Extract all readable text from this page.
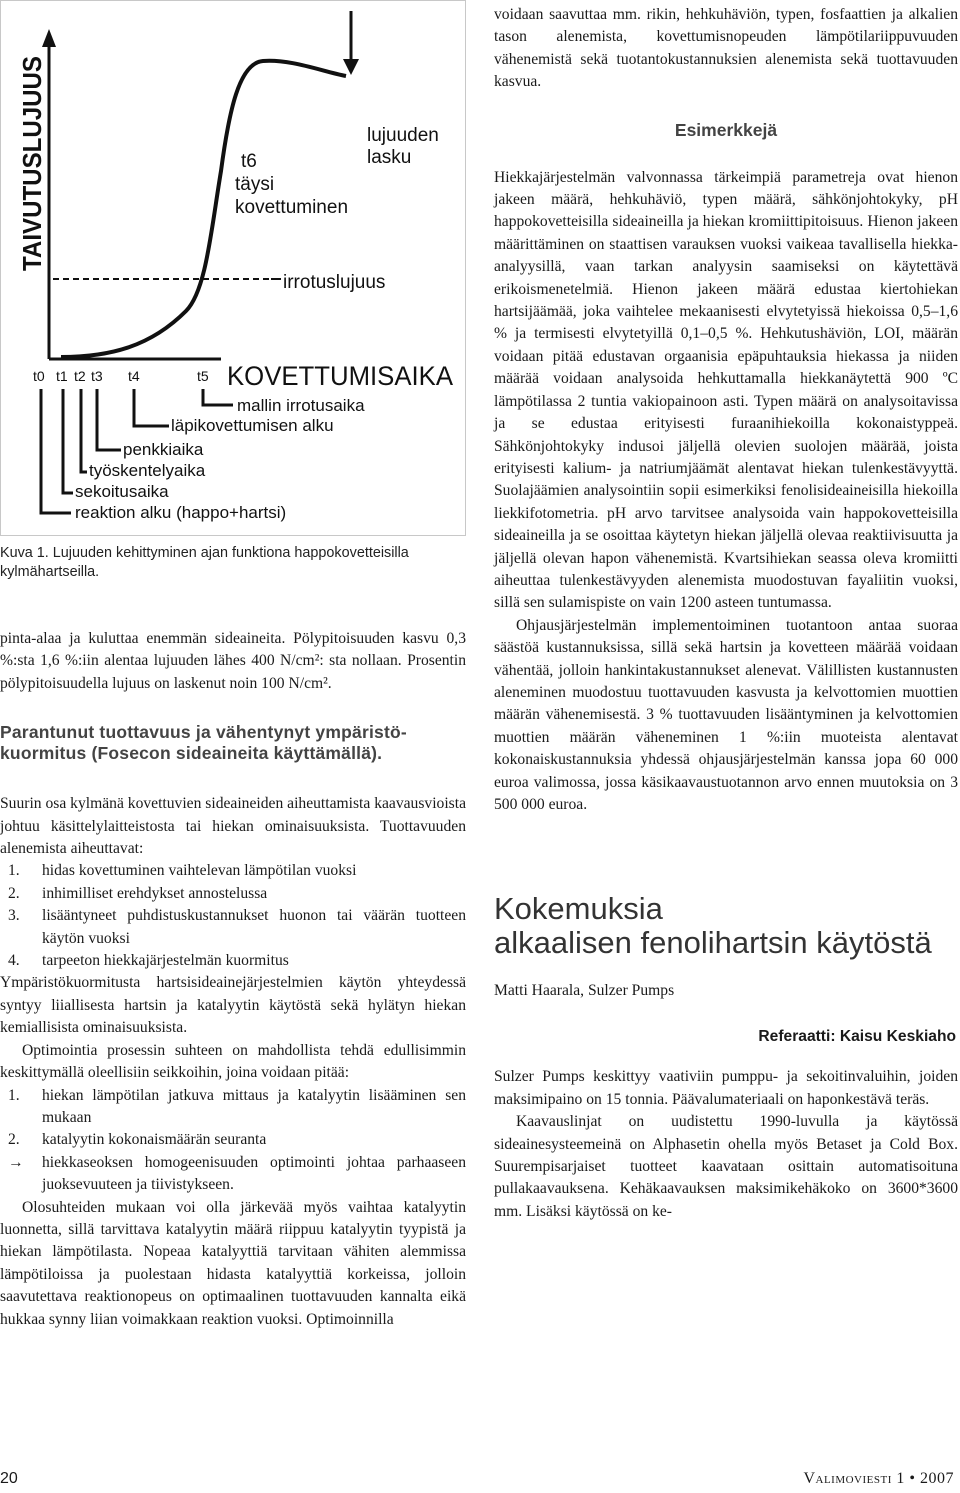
TAIVUTUSLUJUUS
irrotuslujuus
lujuuden
lasku
t6
täysi
kovettuminen
t0 t1 t2 t3 t4	t5 KOVETTUMISAIKA
mallin irrotusaika
läpikovettumisen alku
penkkiaika
työskentelyaika
sekoitusaika
reaktion alku (happo+hartsi)
Kuva 1. Lujuuden kehittyminen ajan funktiona happokovetteisilla kylmähartseilla.

pinta-alaa ja kuluttaa enemmän sideaineita. Pölypitoisuuden kasvu 0,3 %:sta 1,6 %:iin alentaa lujuuden lähes 400 N/cm²: sta nollaan. Prosentin pölypitoisuudella lujuus on laskenut noin 100 N/cm².

Parantunut tuottavuus ja vähentynyt ympäristökuormitus (Fosecon sideaineita käyttämällä).

Suurin osa kylmänä kovettuvien sideaineiden aiheuttamista kaavausvioista johtuu käsittelylaitteistosta tai hiekan ominaisuuksista. Tuottavuuden alenemista aiheuttavat:

1. hidas kovettuminen vaihtelevan lämpötilan vuoksi
2. inhimilliset erehdykset annostelussa
3. lisääntyneet puhdistuskustannukset huonon tai väärän tuotteen käytön vuoksi
4. tarpeeton hiekkajärjestelmän kuormitus

Ympäristökuormitusta hartsisideainejärjestelmien käytön yhteydessä syntyy liiallisesta hartsin ja katalyytin käytöstä sekä hylätyn hiekan kemiallisista ominaisuuksista.

Optimointia prosessin suhteen on mahdollista tehdä edullisimmin keskittymällä oleellisiin seikkoihin, joina voidaan pitää:

1. hiekan lämpötilan jatkuva mittaus ja katalyytin lisääminen sen mukaan
2. katalyytin kokonaismäärän seuranta
→ hiekkaseoksen homogeenisuuden optimointi johtaa parhaaseen juoksevuuteen ja tiivistykseen.

Olosuhteiden mukaan voi olla järkevää myös vaihtaa katalyytin luonnetta, sillä tarvittava katalyytin määrä riippuu katalyytin tyypistä ja hiekan lämpötilasta. Nopeaa katalyyttiä tarvitaan vähiten alemmissa lämpötiloissa ja puolestaan hidasta katalyyttiä korkeissa, jolloin saavutettava reaktionopeus on optimaalinen tuottavuuden kannalta eikä hukkaa synny liian voimakkaan reaktion vuoksi. Optimoinnilla

voidaan saavuttaa mm. rikin, hehkuhäviön, typen, fosfaattien ja alkalien tason alenemista, kovettumisnopeuden lämpötilariippuvuuden vähenemistä sekä tuotantokustannuksien alenemista sekä tuottavuuden kasvua.

Esimerkkejä

Hiekkajärjestelmän valvonnassa tärkeimpiä parametreja ovat hienon jakeen määrä, hehkuhäviö, typen määrä, sähkönjohtokyky, pH happokovetteisilla sideaineilla ja hiekan kromiittipitoisuus. Hienon jakeen määrittäminen on staattisen varauksen vuoksi vaikeaa tavallisella hiekka-analyysillä, vaan tarkan analyysin saamiseksi on käytettävä erikoismenetelmiä. Hienon jakeen määrä edustaa kiertohiekan hartsijäämää, joka vaihtelee mekaanisesti elvytetyissä hiekoissa 0,5–1,6 % ja termisesti elvytetyillä 0,1–0,5 %. Hehkutushäviön, LOI, määrän voidaan pitää edustavan orgaanisia epäpuhtauksia hiekassa ja niiden määrää voidaan analysoida hehkuttamalla hiekkanäytettä 900 ºC lämpötilassa 2 tuntia vakiopainoon asti. Typen määrä on analysoitavissa ja se edustaa erityisesti furaanihiekoilla kokonaistyppeä. Sähkönjohtokyky indusoi jäljellä olevien suolojen määrää, joista erityisesti kalium- ja natriumjäämät alentavat hiekan tulenkestävyyttä. Suolajäämien analysointiin sopii esimerkiksi fenolisideaineisilla hiekoilla liekkifotometria. pH arvo tarvitsee analysoida vain happokovetteisilla sideaineilla ja se osoittaa käytetyn hiekan jäljellä olevaa reaktiivisuutta ja jäljellä olevan hapon vähenemistä. Kvartsihiekan seassa oleva kromiitti aiheuttaa tulenkestävyyden alenemista muodostuvan fayaliitin vuoksi, sillä sen sulamispiste on vain 1200 asteen tuntumassa.

Ohjausjärjestelmän implementoiminen tuotantoon antaa suoraa säästöä kustannuksissa, sillä sekä hartsin ja kovetteen määrää voidaan vähentää, jolloin hankintakustannukset alenevat. Välillisten kustannusten aleneminen muodostuu tuottavuuden kasvusta ja kelvottomien muottien määrän vähenemisestä. 3 % tuottavuuden lisääntyminen ja kelvottomien muottien määrän väheneminen 1 %:iin muoteista alentavat kokonaiskustannuksia yhdessä ohjausjärjestelmän kanssa jopa 60 000 euroa valimossa, jossa käsikaavaustuotannon arvo ennen muutoksia on 3 500 000 euroa.

Kokemuksia
alkaalisen fenolihartsin käytöstä
Matti Haarala, Sulzer Pumps
Referaatti: Kaisu Keskiaho

Sulzer Pumps keskittyy vaativiin pumppu- ja sekoitinvaluihin, joiden maksimipaino on 15 tonnia. Päävalumateriaali on haponkestävä teräs.

Kaavauslinjat on uudistettu 1990-luvulla ja käytössä sideainesysteemeinä on Alphasetin ohella myös Betaset ja Cold Box. Suurempisarjaiset tuotteet kaavataan osittain automatisoituna pullakaavauksena. Kehäkaavauksen maksimikehäkoko on 3600*3600 mm. Lisäksi käytössä on ke-

20	Valimoviesti 1 • 2007
